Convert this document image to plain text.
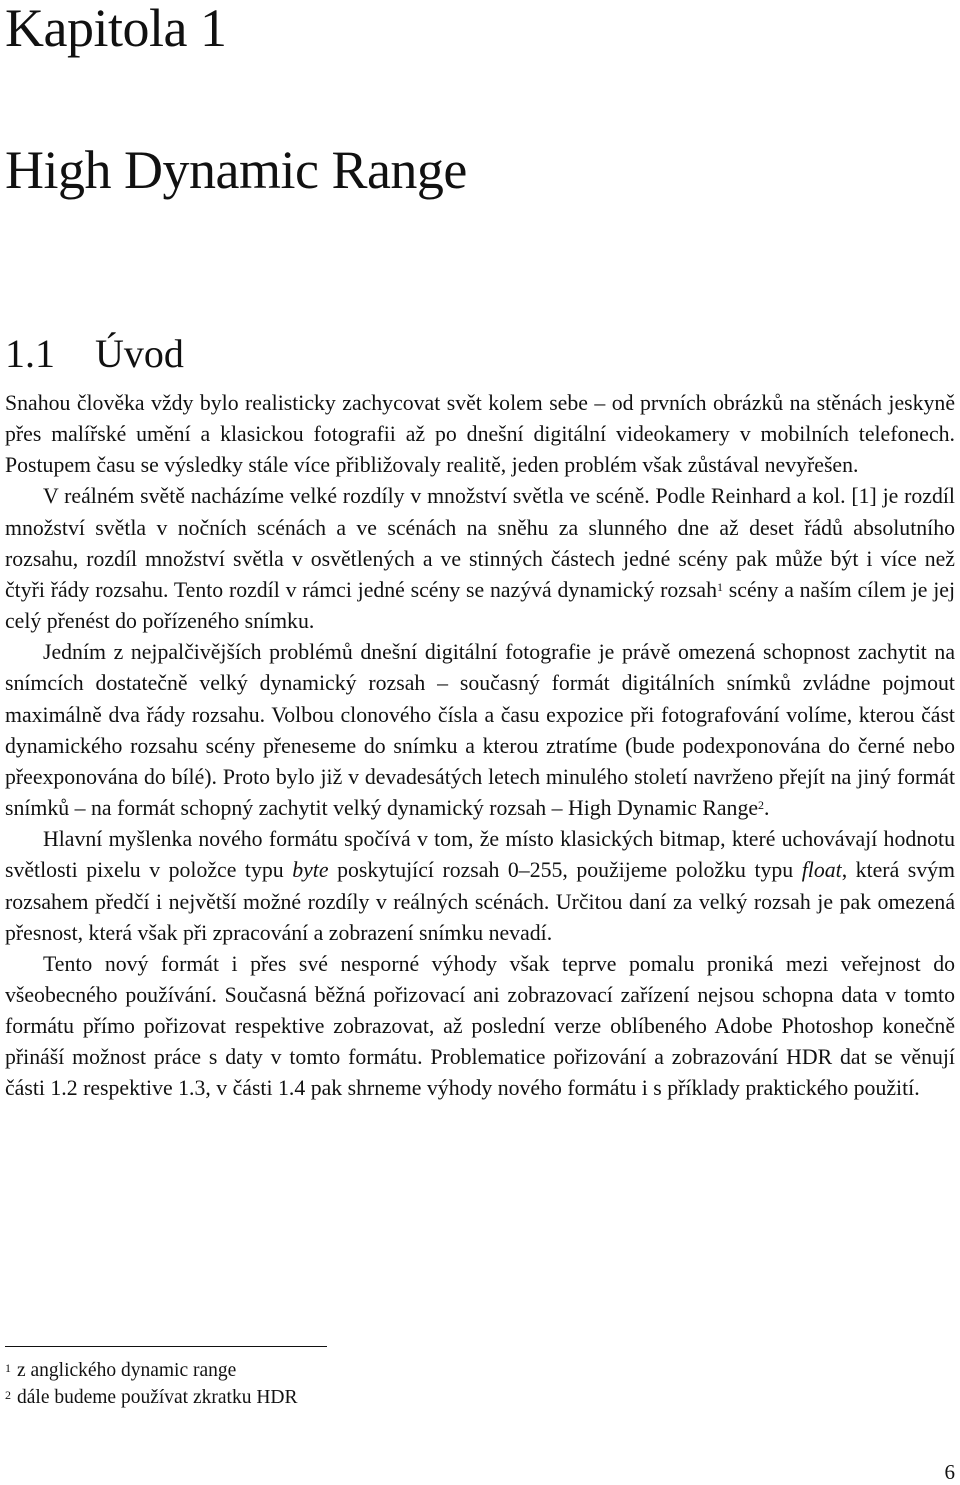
Kapitola 1
High Dynamic Range
1.1 Úvod

Snahou člověka vždy bylo realisticky zachycovat svět kolem sebe – od prvních obrázků na stěnách jeskyně přes malířské umění a klasickou fotografii až po dnešní digitální videokamery v mobilních telefonech. Postupem času se výsledky stále více přibližovaly realitě, jeden problém však zůstával nevyřešen.

V reálném světě nacházíme velké rozdíly v množství světla ve scéně. Podle Reinhard a kol. [1] je rozdíl množství světla v nočních scénách a ve scénách na sněhu za slunného dne až deset řádů absolutního rozsahu, rozdíl množství světla v osvětlených a ve stinných částech jedné scény pak může být i více než čtyři řády rozsahu. Tento rozdíl v rámci jedné scény se nazývá dynamický rozsah$^1$ scény a naším cílem je jej celý přenést do pořízeného snímku.

Jedním z nejpalčivějších problémů dnešní digitální fotografie je právě omezená schopnost zachytit na snímcích dostatečně velký dynamický rozsah – současný formát digitálních snímků zvládne pojmout maximálně dva řády rozsahu. Volbou clonového čísla a času expozice při fotografování volíme, kterou část dynamického rozsahu scény přeneseme do snímku a kterou ztratíme (bude podexponována do černé nebo přeexponována do bílé). Proto bylo již v devadesátých letech minulého století navrženo přejít na jiný formát snímků – na formát schopný zachytit velký dynamický rozsah – High Dynamic Range$^2$.

Hlavní myšlenka nového formátu spočívá v tom, že místo klasických bitmap, které uchovávají hodnotu světlosti pixelu v položce typu byte poskytující rozsah 0–255, použijeme položku typu float, která svým rozsahem předčí i největší možné rozdíly v reálných scénách. Určitou daní za velký rozsah je pak omezená přesnost, která však při zpracování a zobrazení snímku nevadí.

Tento nový formát i přes své nesporné výhody však teprve pomalu proniká mezi veřejnost do všeobecného používání. Současná běžná pořizovací ani zobrazovací zařízení nejsou schopna data v tomto formátu přímo pořizovat respektive zobrazovat, až poslední verze oblíbeného Adobe Photoshop konečně přináší možnost práce s daty v tomto formátu. Problematice pořizování a zobrazování HDR dat se věnují části 1.2 respektive 1.3, v části 1.4 pak shrneme výhody nového formátu i s příklady praktického použití.

$^1$ z anglického dynamic range
$^2$ dále budeme používat zkratku HDR
6
